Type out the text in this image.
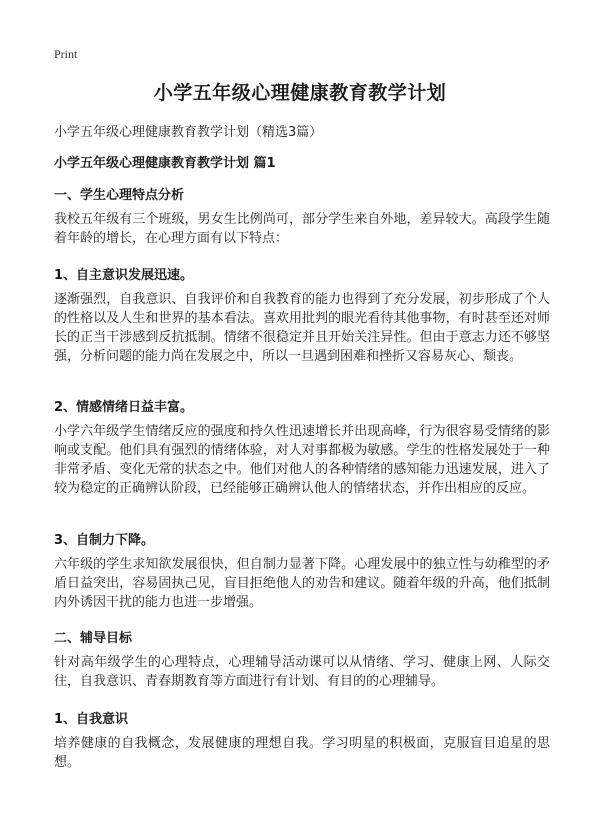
Print
小学五年级心理健康教育教学计划
小学五年级心理健康教育教学计划（精选3篇）
小学五年级心理健康教育教学计划 篇1
一、学生心理特点分析
我校五年级有三个班级，男女生比例尚可，部分学生来自外地，差异较大。高段学生随着年龄的增长，在心理方面有以下特点：
1、自主意识发展迅速。
逐渐强烈，自我意识、自我评价和自我教育的能力也得到了充分发展，初步形成了个人的性格以及人生和世界的基本看法。喜欢用批判的眼光看待其他事物，有时甚至还对师长的正当干涉感到反抗抵制。情绪不很稳定并且开始关注异性。但由于意志力还不够坚强，分析问题的能力尚在发展之中，所以一旦遇到困难和挫折又容易灰心、颓丧。
2、情感情绪日益丰富。
小学六年级学生情绪反应的强度和持久性迅速增长并出现高峰，行为很容易受情绪的影响或支配。他们具有强烈的情绪体验，对人对事都极为敏感。学生的性格发展处于一种非常矛盾、变化无常的状态之中。他们对他人的各种情绪的感知能力迅速发展，进入了较为稳定的正确辨认阶段，已经能够正确辨认他人的情绪状态，并作出相应的反应。
3、自制力下降。
六年级的学生求知欲发展很快，但自制力显著下降。心理发展中的独立性与幼稚型的矛盾日益突出，容易固执己见，盲目拒绝他人的劝告和建议。随着年级的升高，他们抵制内外诱因干扰的能力也进一步增强。
二、辅导目标
针对高年级学生的心理特点，心理辅导活动课可以从情绪、学习、健康上网、人际交往，自我意识、青春期教育等方面进行有计划、有目的的心理辅导。
1、自我意识
培养健康的自我概念，发展健康的理想自我。学习明星的积极面，克服盲目追星的思想。
